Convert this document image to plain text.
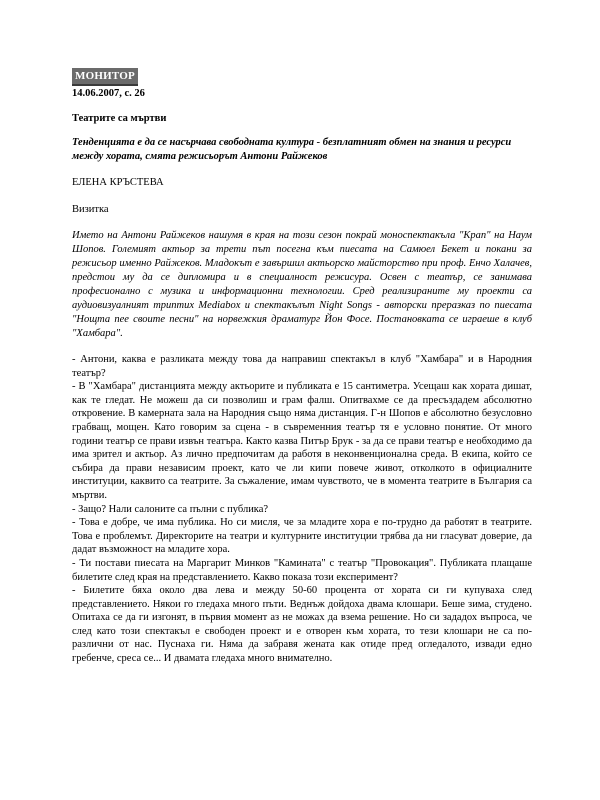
МОНИТОР
14.06.2007, с. 26
Театрите са мъртви
Тенденцията е да се насърчава свободната култура - безплатният обмен на знания и ресурси между хората, смята режисьорът Антони Райжеков
ЕЛЕНА КРЪСТЕВА
Визитка
Името на Антони Райжеков нашумя в края на този сезон покрай моноспектакъла "Крап" на Наум Шопов. Големият актьор за трети път посегна към пиесата на Самюел Бекет и покани за режисьор именно Райжеков. Младокът е завършил актьорско майсторство при проф. Енчо Халачев, предстои му да се дипломира и в специалност режисура. Освен с театър, се занимава професионално с музика и информационни технологии. Сред реализираните му проекти са аудиовизуалният триптих Mediabox и спектакълът Night Songs - авторски преразказ по пиесата "Нощта пее своите песни" на норвежкия драматург Йон Фосе. Постановката се играеше в клуб "Хамбара".

- Антони, каква е разликата между това да направиш спектакъл в клуб "Хамбара" и в Народния театър?

- В "Хамбара" дистанцията между актьорите и публиката е 15 сантиметра. Усещаш как хората дишат, как те гледат. Не можеш да си позволиш и грам фалш. Опитвахме се да пресъздадем абсолютно откровение. В камерната зала на Народния също няма дистанция. Г-н Шопов е абсолютно безусловно грабващ, мощен. Като говорим за сцена - в съвременния театър тя е условно понятие. От много години театър се прави извън театъра. Както казва Питър Брук - за да се прави театър е необходимо да има зрител и актьор. Аз лично предпочитам да работя в неконвенционална среда. В екипа, който се събира да прави независим проект, като че ли кипи повече живот, отколкото в официалните институции, каквито са театрите. За съжаление, имам чувството, че в момента театрите в България са мъртви.

- Защо? Нали салоните са пълни с публика?

- Това е добре, че има публика. Но си мисля, че за младите хора е по-трудно да работят в театрите. Това е проблемът. Директорите на театри и културните институции трябва да ни гласуват доверие, да дадат възможност на младите хора.

- Ти постави пиесата на Маргарит Минков "Камината" с театър "Провокация". Публиката плащаше билетите след края на представлението. Какво показа този експеримент?

- Билетите бяха около два лева и между 50-60 процента от хората си ги купуваха след представлението. Някои го гледаха много пъти. Веднъж дойдоха двама клошари. Беше зима, студено. Опитаха се да ги изгонят, в първия момент аз не можах да взема решение. Но си зададох въпроса, че след като този спектакъл е свободен проект и е отворен към хората, то тези клошари не са по-различни от нас. Пуснаха ги. Няма да забравя жената как отиде пред огледалото, извади едно гребенче, среса се... И двамата гледаха много внимателно.
